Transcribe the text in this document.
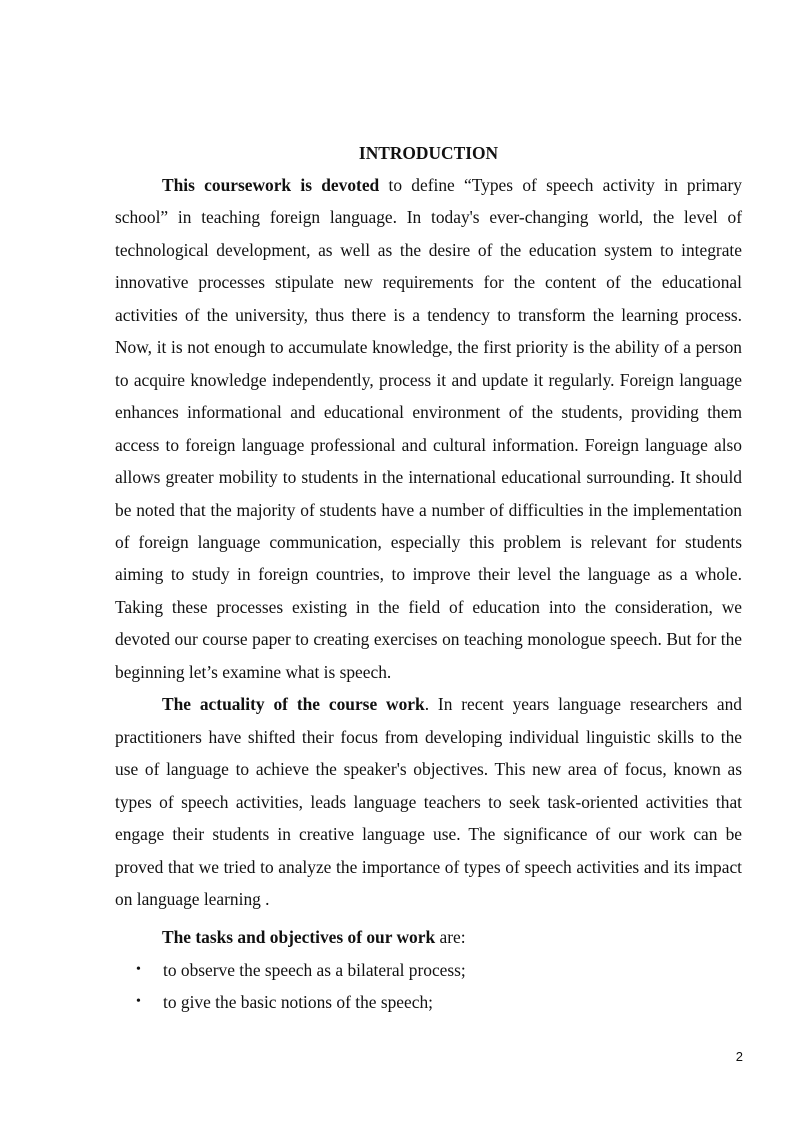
INTRODUCTION

This coursework is devoted to define “Types of speech activity in primary school” in teaching foreign language. In today's ever-changing world, the level of technological development, as well as the desire of the education system to integrate innovative processes stipulate new requirements for the content of the educational activities of the university, thus there is a tendency to transform the learning process. Now, it is not enough to accumulate knowledge, the first priority is the ability of a person to acquire knowledge independently, process it and update it regularly. Foreign language enhances informational and educational environment of the students, providing them access to foreign language professional and cultural information. Foreign language also allows greater mobility to students in the international educational surrounding. It should be noted that the majority of students have a number of difficulties in the implementation of foreign language communication, especially this problem is relevant for students aiming to study in foreign countries, to improve their level the language as a whole. Taking these processes existing in the field of education into the consideration, we devoted our course paper to creating exercises on teaching monologue speech. But for the beginning let’s examine what is speech.

The actuality of the course work. In recent years language researchers and practitioners have shifted their focus from developing individual linguistic skills to the use of language to achieve the speaker's objectives. This new area of focus, known as types of speech activities, leads language teachers to seek task-oriented activities that engage their students in creative language use. The significance of our work can be proved that we tried to analyze the importance of types of speech activities and its impact on language learning .

The tasks and objectives of our work are:

• to observe the speech as a bilateral process;
• to give the basic notions of the speech;
2
